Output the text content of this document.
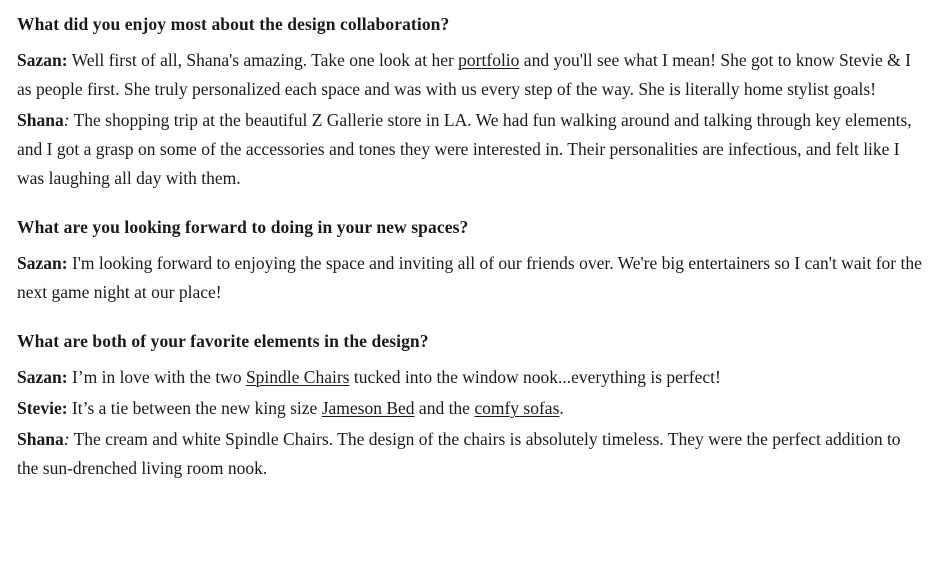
What did you enjoy most about the design collaboration?

Sazan: Well first of all, Shana's amazing. Take one look at her portfolio and you'll see what I mean! She got to know Stevie & I as people first. She truly personalized each space and was with us every step of the way. She is literally home stylist goals!

Shana: The shopping trip at the beautiful Z Gallerie store in LA. We had fun walking around and talking through key elements, and I got a grasp on some of the accessories and tones they were interested in. Their personalities are infectious, and felt like I was laughing all day with them.

What are you looking forward to doing in your new spaces?

Sazan: I'm looking forward to enjoying the space and inviting all of our friends over. We're big entertainers so I can't wait for the next game night at our place!

What are both of your favorite elements in the design?

Sazan: I’m in love with the two Spindle Chairs tucked into the window nook...everything is perfect!

Stevie: It’s a tie between the new king size Jameson Bed and the comfy sofas.

Shana: The cream and white Spindle Chairs. The design of the chairs is absolutely timeless. They were the perfect addition to the sun-drenched living room nook.
